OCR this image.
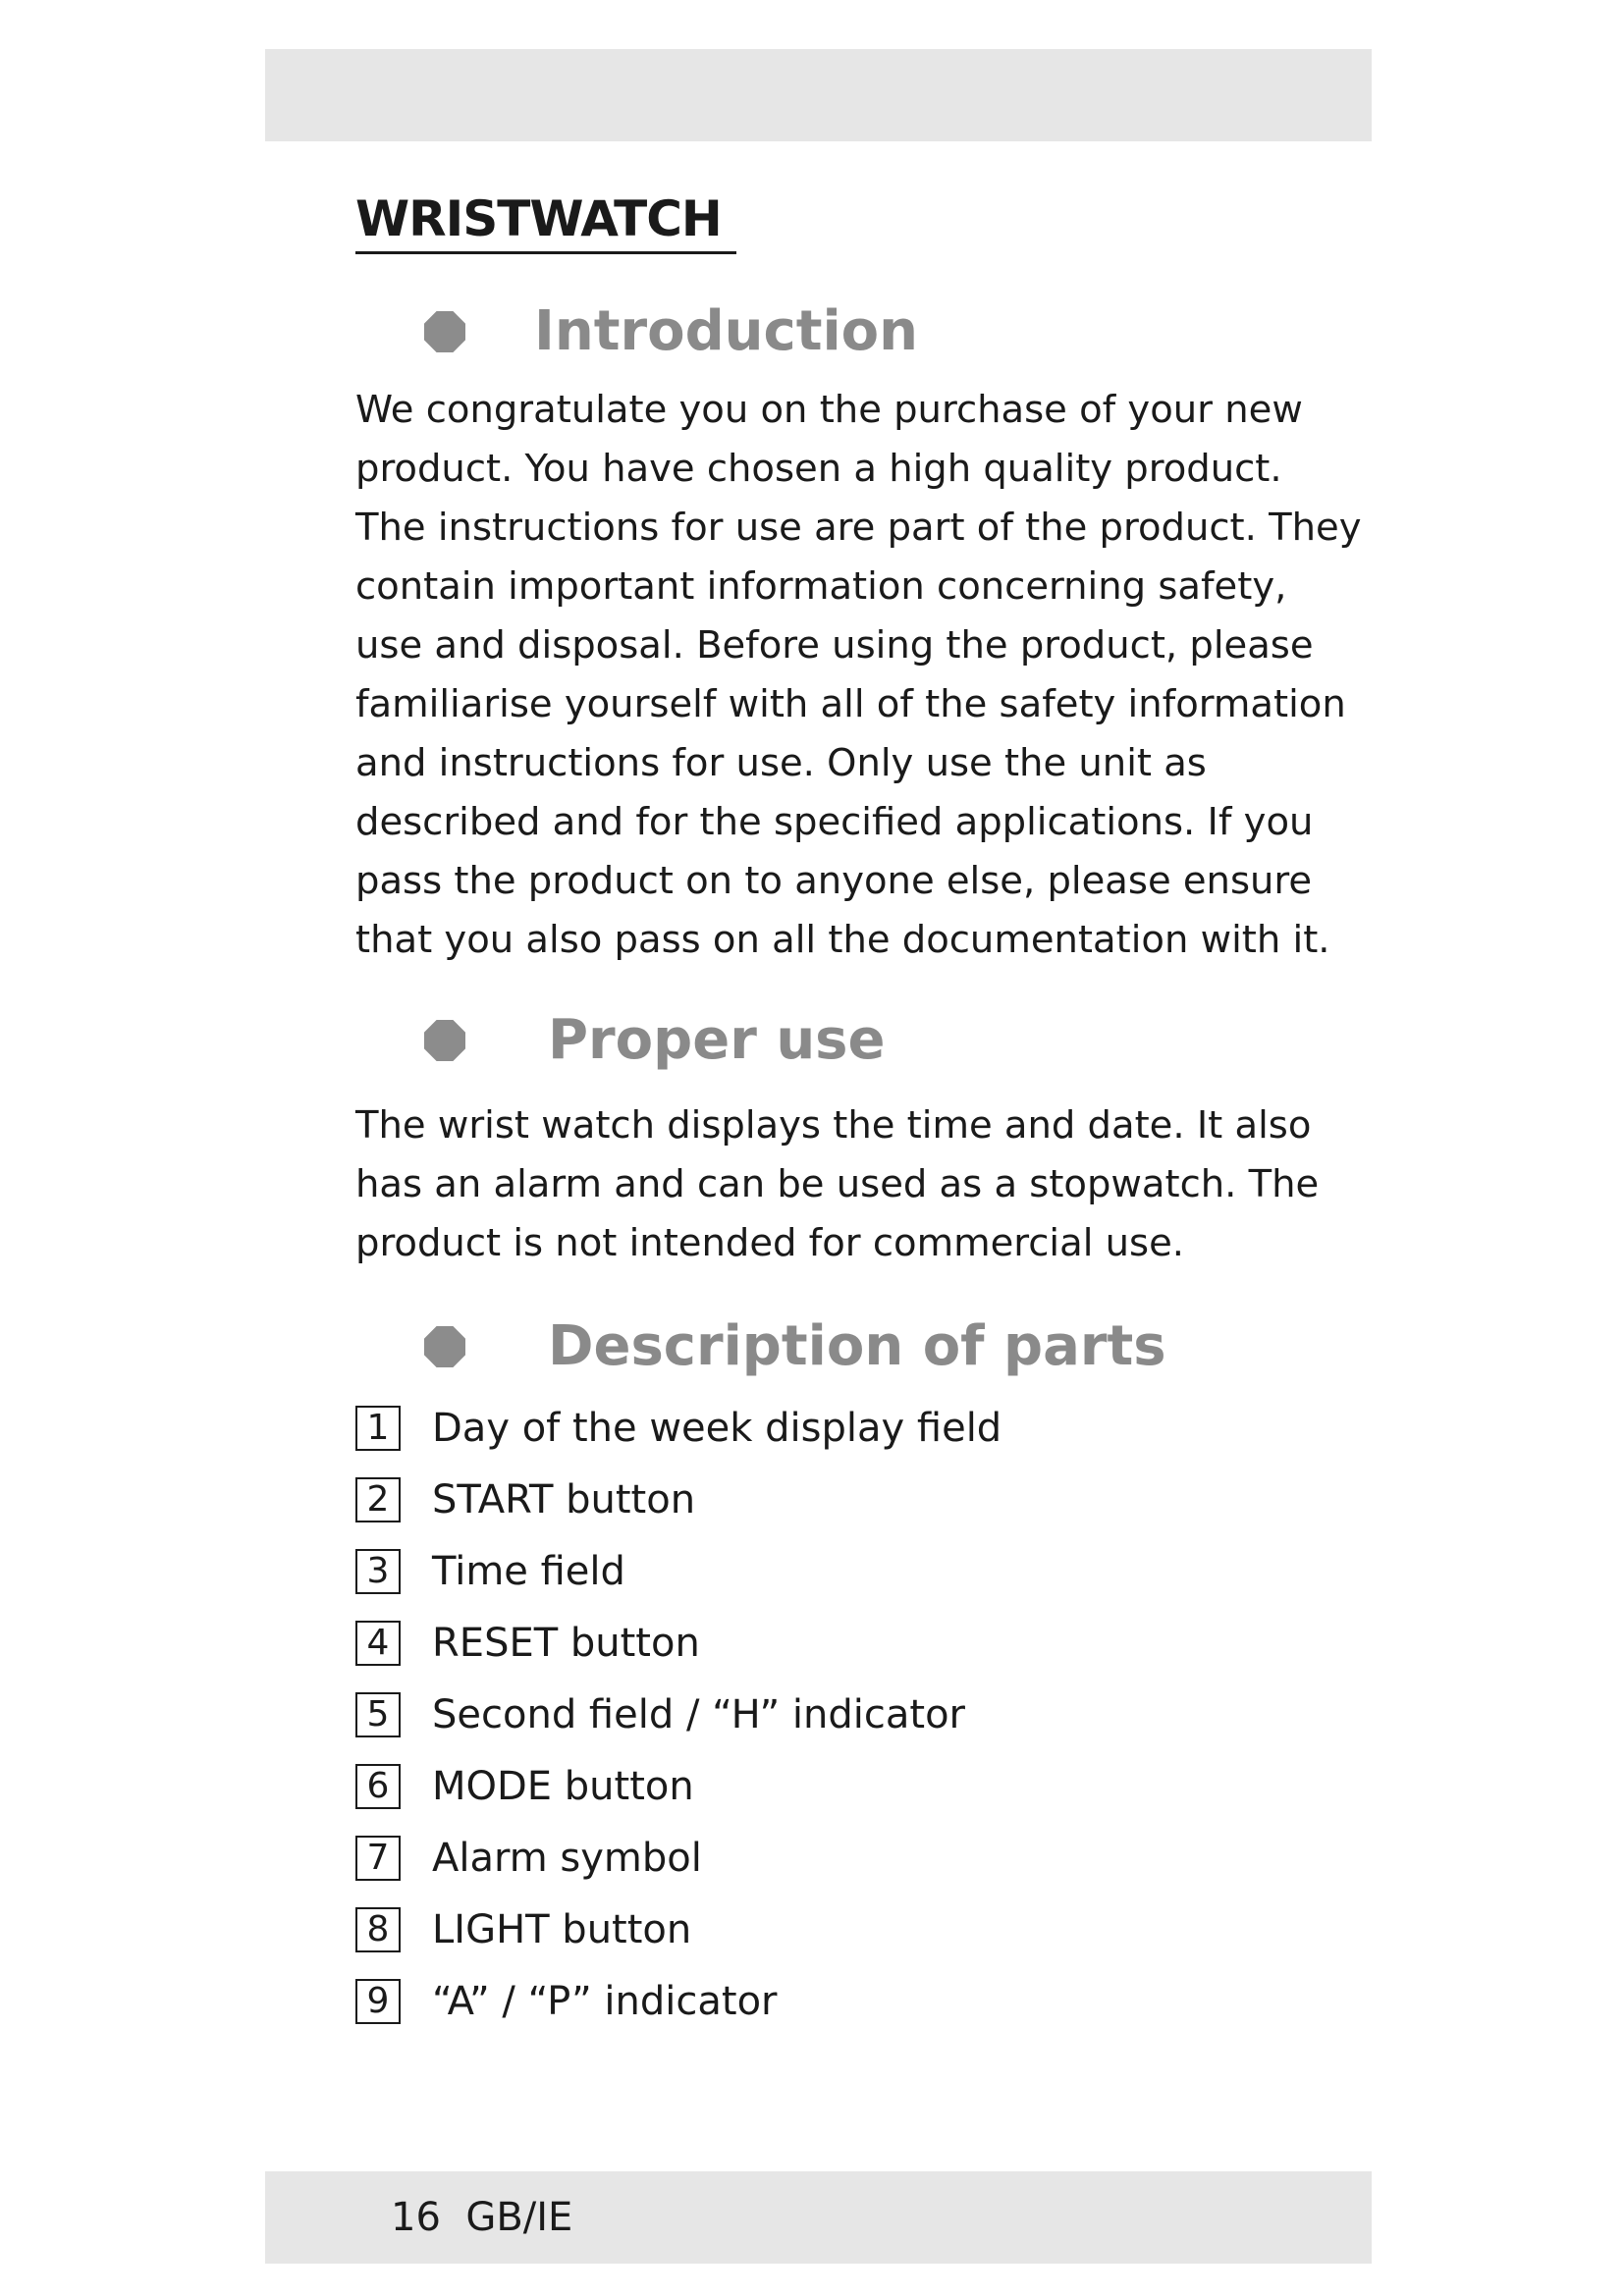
WRISTWATCH
Introduction

We congratulate you on the purchase of your new
product. You have chosen a high quality product.
The instructions for use are part of the product. They
contain important information concerning safety,
use and disposal. Before using the product, please
familiarise yourself with all of the safety information
and instructions for use. Only use the unit as
described and for the specified applications. If you
pass the product on to anyone else, please ensure
that you also pass on all the documentation with it.

Proper use

The wrist watch displays the time and date. It also
has an alarm and can be used as a stopwatch. The
product is not intended for commercial use.

Description of parts
1 Day of the week display field
2 START button
3 Time field
4 RESET button
5 Second field / “H” indicator
6 MODE button
7 Alarm symbol
8 LIGHT button
9 “A” / “P” indicator
16  GB/IE
